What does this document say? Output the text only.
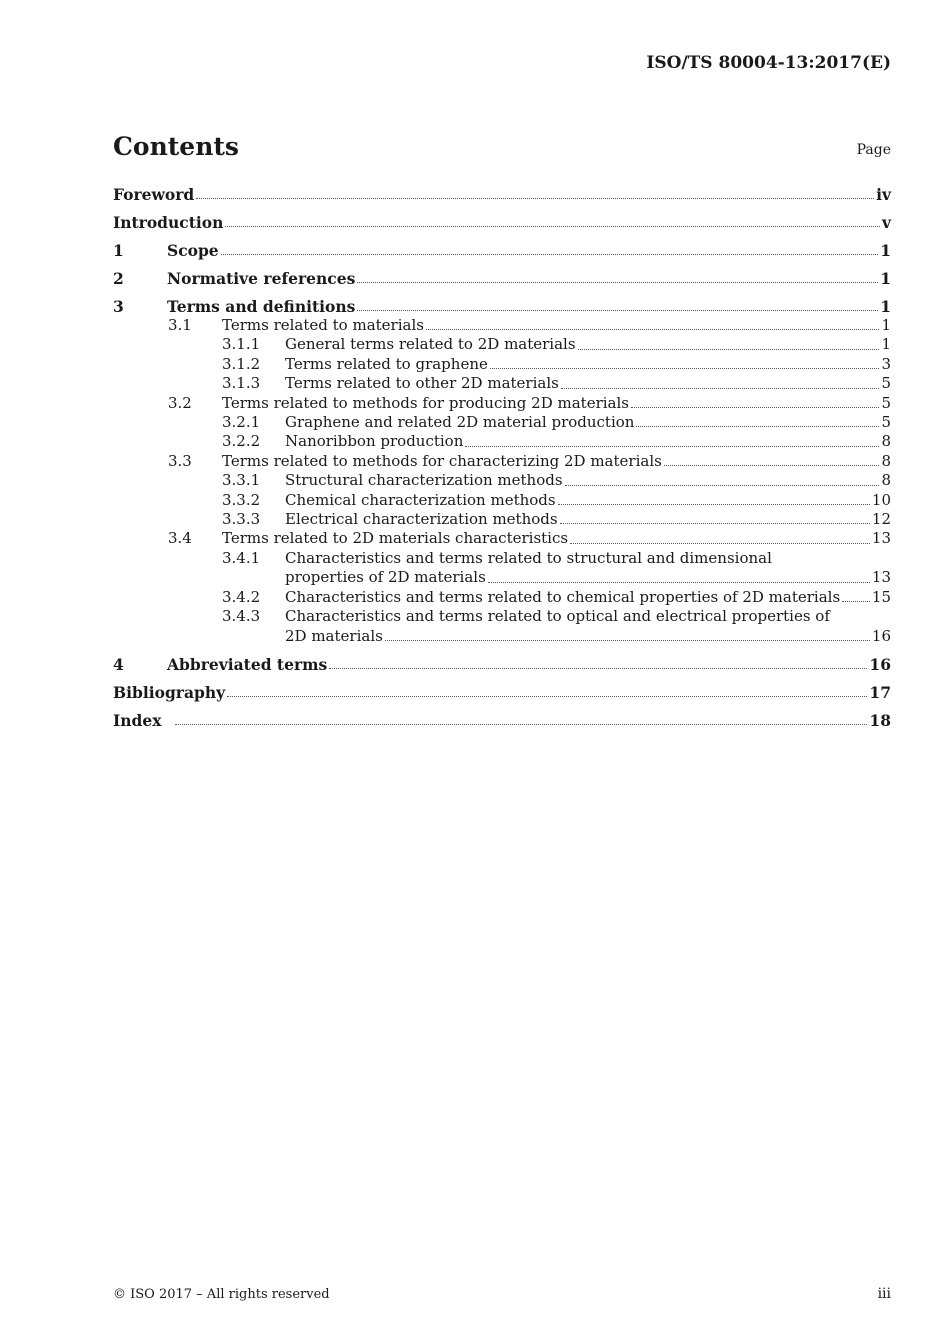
ISO/TS 80004-13:2017(E)
Contents	Page
Foreword	iv
Introduction	v
1	Scope	1
2	Normative references	1
3	Terms and definitions	1
3.1	Terms related to materials	1
3.1.1	General terms related to 2D materials	1
3.1.2	Terms related to graphene	3
3.1.3	Terms related to other 2D materials	5
3.2	Terms related to methods for producing 2D materials	5
3.2.1	Graphene and related 2D material production	5
3.2.2	Nanoribbon production	8
3.3	Terms related to methods for characterizing 2D materials	8
3.3.1	Structural characterization methods	8
3.3.2	Chemical characterization methods	10
3.3.3	Electrical characterization methods	12
3.4	Terms related to 2D materials characteristics	13
3.4.1	Characteristics and terms related to structural and dimensional
properties of 2D materials	13
3.4.2	Characteristics and terms related to chemical properties of 2D materials 15
3.4.3	Characteristics and terms related to optical and electrical properties of
2D materials	16
4	Abbreviated terms	16
Bibliography	17
Index	18
© ISO 2017 – All rights reserved	iii
